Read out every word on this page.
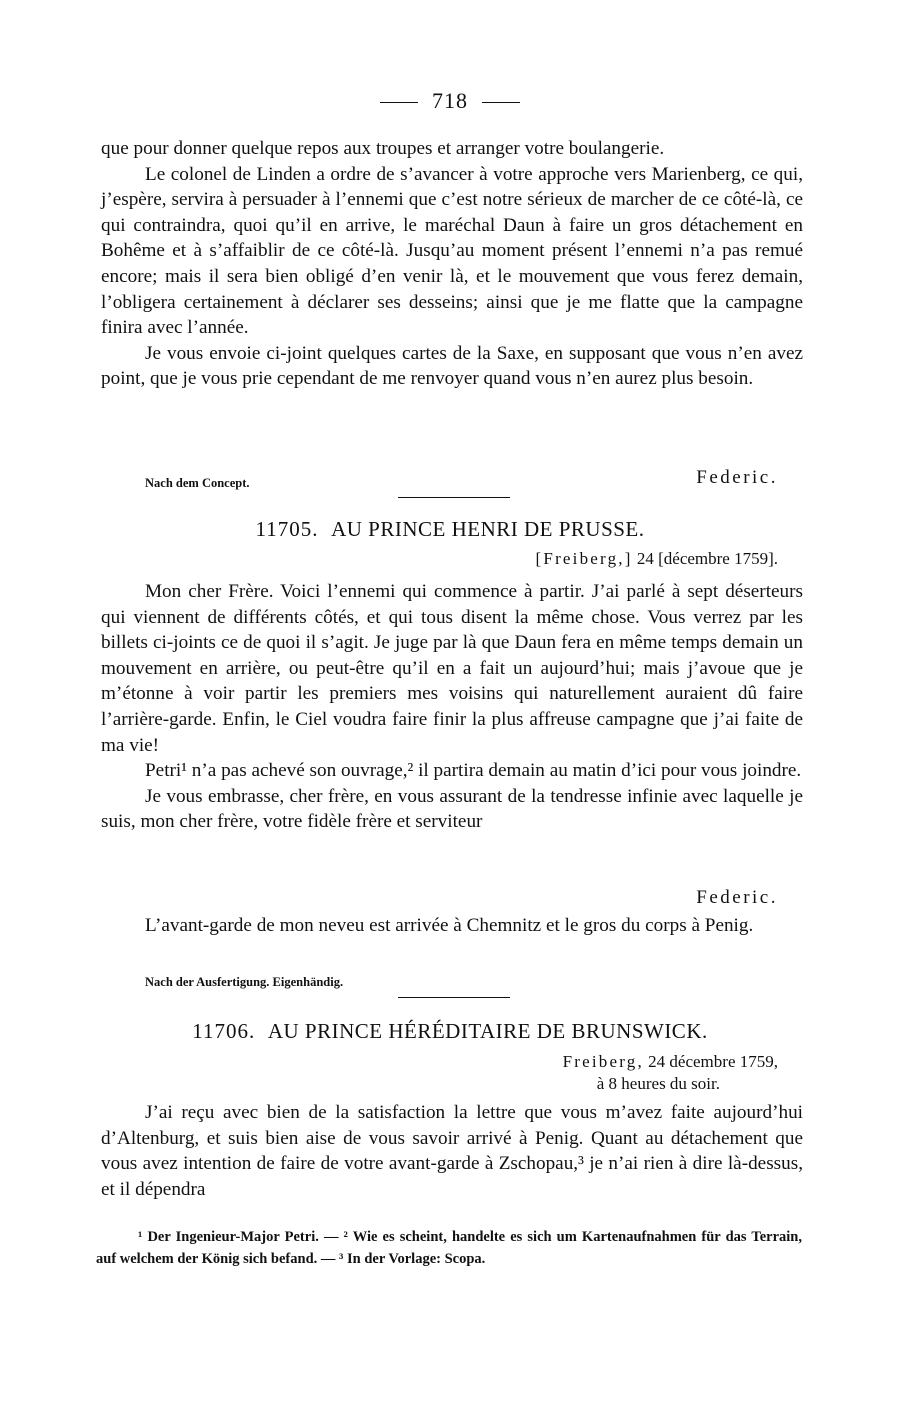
718

que pour donner quelque repos aux troupes et arranger votre boulangerie.

Le colonel de Linden a ordre de s’avancer à votre approche vers Marienberg, ce qui, j’espère, servira à persuader à l’ennemi que c’est notre sérieux de marcher de ce côté-là, ce qui contraindra, quoi qu’il en arrive, le maréchal Daun à faire un gros détachement en Bohême et à s’affaiblir de ce côté-là. Jusqu’au moment présent l’ennemi n’a pas remué encore; mais il sera bien obligé d’en venir là, et le mouvement que vous ferez demain, l’obligera certainement à déclarer ses desseins; ainsi que je me flatte que la campagne finira avec l’année.

Je vous envoie ci-joint quelques cartes de la Saxe, en supposant que vous n’en avez point, que je vous prie cependant de me renvoyer quand vous n’en aurez plus besoin.

Federic.
Nach dem Concept.
11705. AU PRINCE HENRI DE PRUSSE.
[Freiberg,] 24 [décembre 1759].

Mon cher Frère. Voici l’ennemi qui commence à partir. J’ai parlé à sept déserteurs qui viennent de différents côtés, et qui tous disent la même chose. Vous verrez par les billets ci-joints ce de quoi il s’agit. Je juge par là que Daun fera en même temps demain un mouvement en arrière, ou peut-être qu’il en a fait un aujourd’hui; mais j’avoue que je m’étonne à voir partir les premiers mes voisins qui naturellement auraient dû faire l’arrière-garde. Enfin, le Ciel voudra faire finir la plus affreuse campagne que j’ai faite de ma vie!

Petri¹ n’a pas achevé son ouvrage,² il partira demain au matin d’ici pour vous joindre.

Je vous embrasse, cher frère, en vous assurant de la tendresse infinie avec laquelle je suis, mon cher frère, votre fidèle frère et serviteur

Federic.

L’avant-garde de mon neveu est arrivée à Chemnitz et le gros du corps à Penig.

Nach der Ausfertigung. Eigenhändig.
11706. AU PRINCE HÉRÉDITAIRE DE BRUNSWICK.
Freiberg, 24 décembre 1759,
à 8 heures du soir.

J’ai reçu avec bien de la satisfaction la lettre que vous m’avez faite aujourd’hui d’Altenburg, et suis bien aise de vous savoir arrivé à Penig. Quant au détachement que vous avez intention de faire de votre avant-garde à Zschopau,³ je n’ai rien à dire là-dessus, et il dépendra

¹ Der Ingenieur-Major Petri. — ² Wie es scheint, handelte es sich um Kartenaufnahmen für das Terrain, auf welchem der König sich befand. — ³ In der Vorlage: Scopa.
